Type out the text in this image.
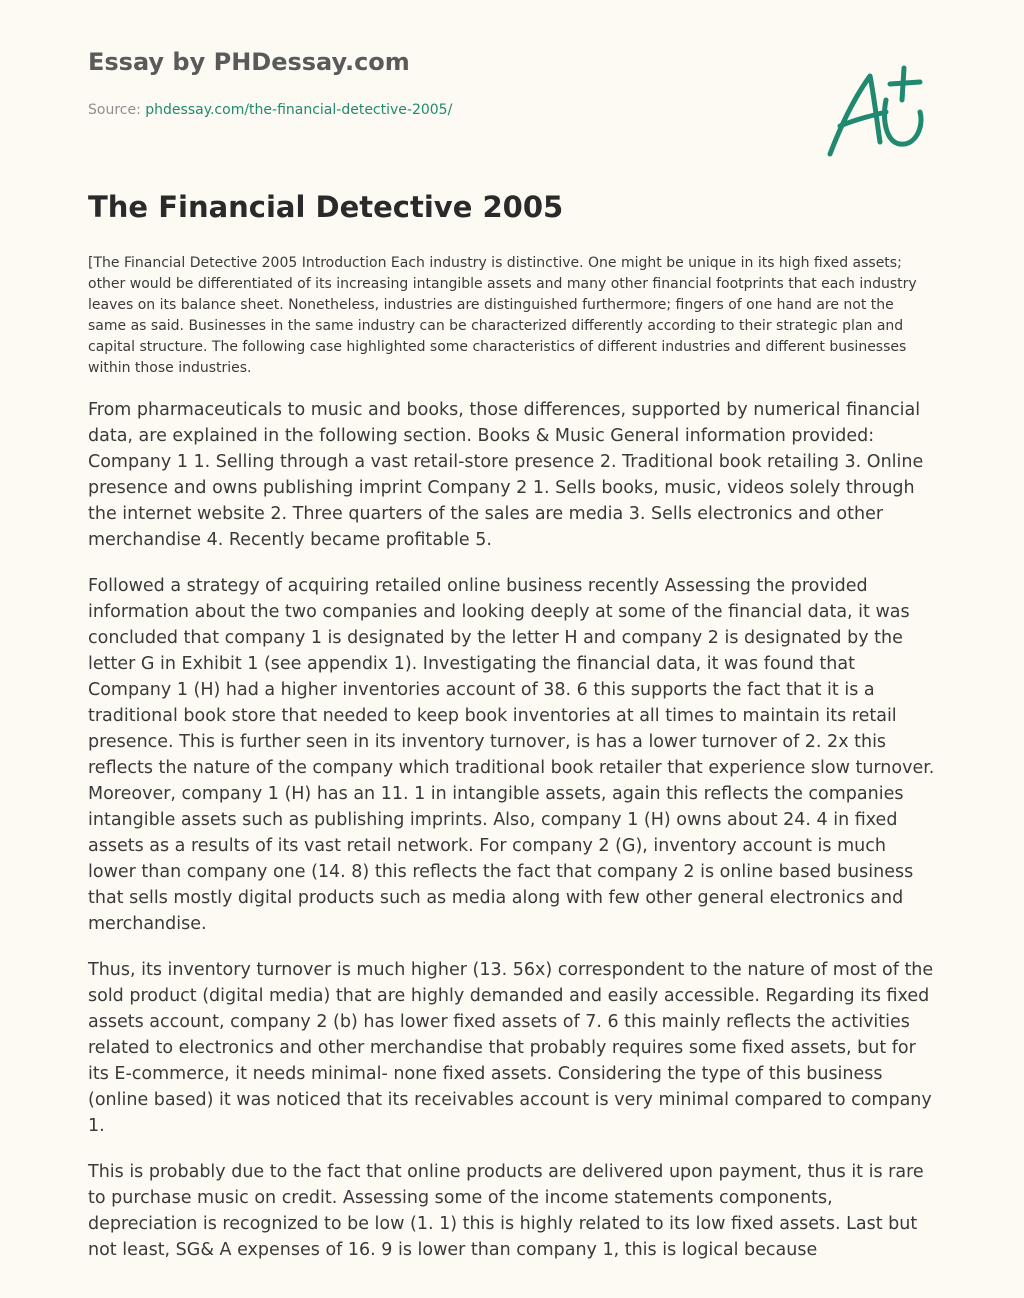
Essay by PHDessay.com
Source: phdessay.com/the-financial-detective-2005/
The Financial Detective 2005

[The Financial Detective 2005 Introduction Each industry is distinctive. One might be unique in its high fixed assets; other would be differentiated of its increasing intangible assets and many other financial footprints that each industry leaves on its balance sheet. Nonetheless, industries are distinguished furthermore; fingers of one hand are not the same as said. Businesses in the same industry can be characterized differently according to their strategic plan and capital structure. The following case highlighted some characteristics of different industries and different businesses within those industries.

From pharmaceuticals to music and books, those differences, supported by numerical financial data, are explained in the following section. Books & Music General information provided: Company 1 1. Selling through a vast retail-store presence 2. Traditional book retailing 3. Online presence and owns publishing imprint Company 2 1. Sells books, music, videos solely through the internet website 2. Three quarters of the sales are media 3. Sells electronics and other merchandise 4. Recently became profitable 5.

Followed a strategy of acquiring retailed online business recently Assessing the provided information about the two companies and looking deeply at some of the financial data, it was concluded that company 1 is designated by the letter H and company 2 is designated by the letter G in Exhibit 1 (see appendix 1). Investigating the financial data, it was found that Company 1 (H) had a higher inventories account of 38. 6 this supports the fact that it is a traditional book store that needed to keep book inventories at all times to maintain its retail presence. This is further seen in its inventory turnover, is has a lower turnover of 2. 2x this reflects the nature of the company which traditional book retailer that experience slow turnover. Moreover, company 1 (H) has an 11. 1 in intangible assets, again this reflects the companies intangible assets such as publishing imprints. Also, company 1 (H) owns about 24. 4 in fixed assets as a results of its vast retail network. For company 2 (G), inventory account is much lower than company one (14. 8) this reflects the fact that company 2 is online based business that sells mostly digital products such as media along with few other general electronics and merchandise.

Thus, its inventory turnover is much higher (13. 56x) correspondent to the nature of most of the sold product (digital media) that are highly demanded and easily accessible. Regarding its fixed assets account, company 2 (b) has lower fixed assets of 7. 6 this mainly reflects the activities related to electronics and other merchandise that probably requires some fixed assets, but for its E-commerce, it needs minimal- none fixed assets. Considering the type of this business (online based) it was noticed that its receivables account is very minimal compared to company 1.

This is probably due to the fact that online products are delivered upon payment, thus it is rare to purchase music on credit. Assessing some of the income statements components, depreciation is recognized to be low (1. 1) this is highly related to its low fixed assets. Last but not least, SG& A expenses of 16. 9 is lower than company 1, this is logical because
